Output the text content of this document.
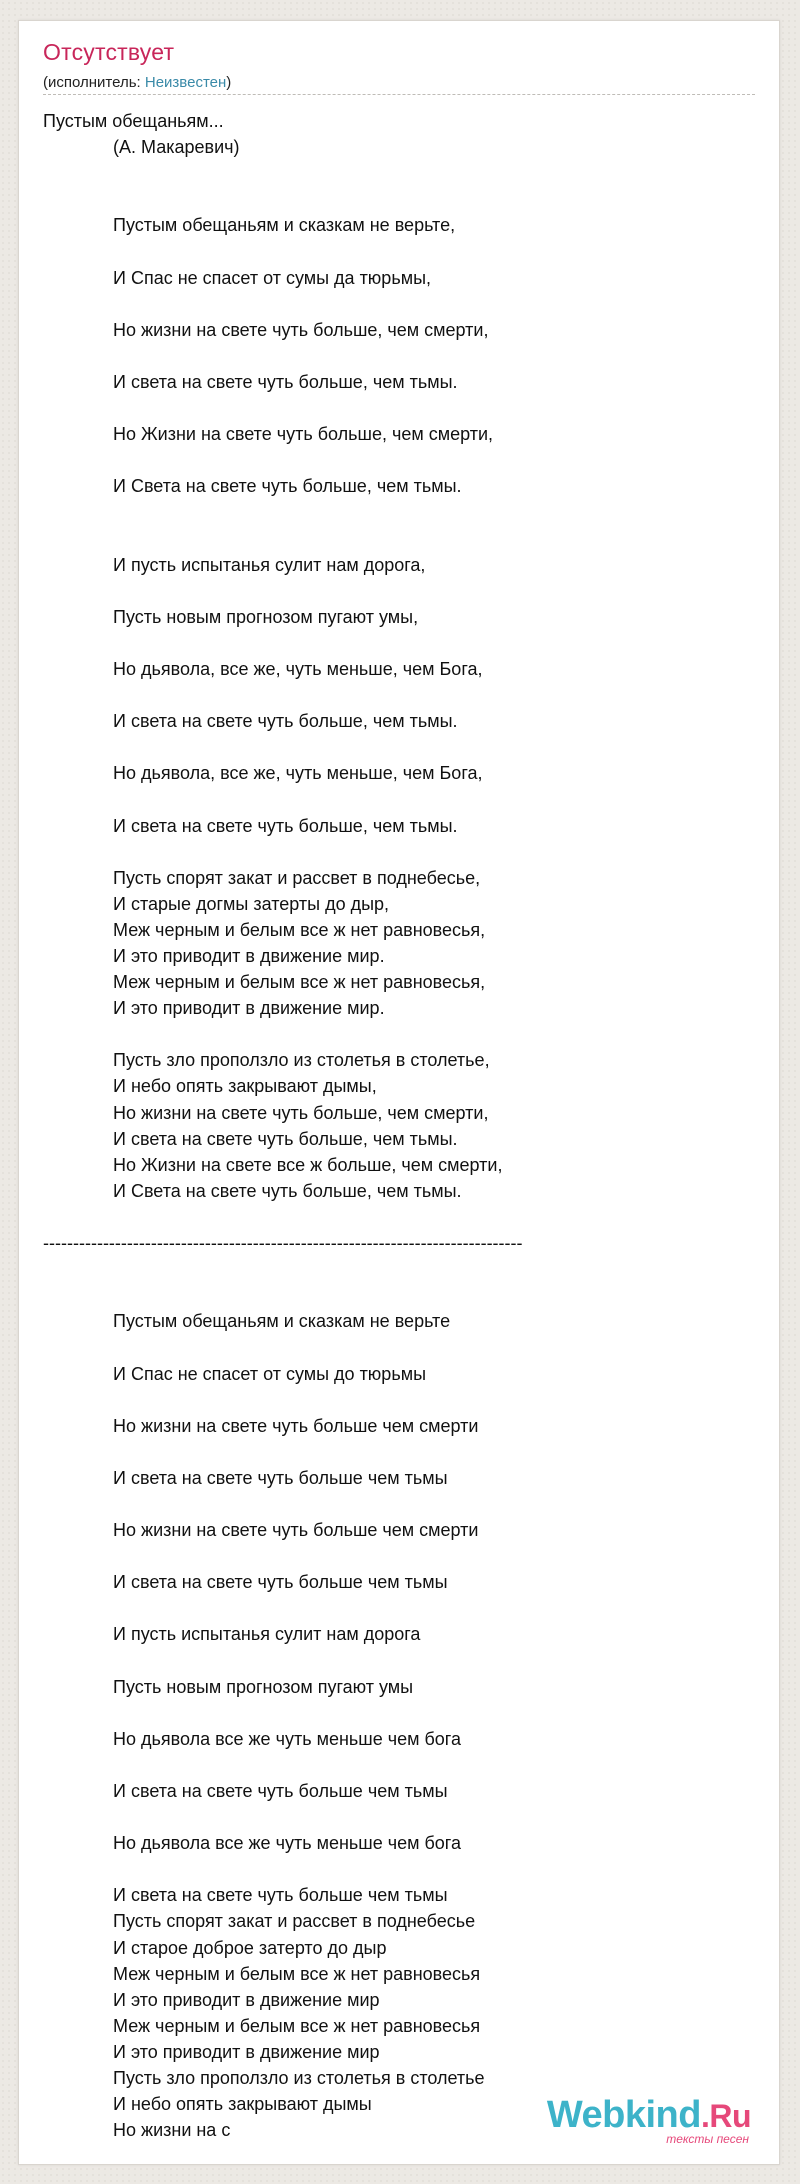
Отсутствует
(исполнитель: Неизвестен)
Пустым обещаньям...
(А. Макаревич)

Пустым обещаньям и сказкам не верьте,

И Спас не спасет от сумы да тюрьмы,

Но жизни на свете чуть больше, чем смерти,

И света на свете чуть больше, чем тьмы.

Но Жизни на свете чуть больше, чем смерти,

И Света на свете чуть больше, чем тьмы.

И пусть испытанья сулит нам дорога,

Пусть новым прогнозом пугают умы,

Но дьявола, все же, чуть меньше, чем Бога,

И света на свете чуть больше, чем тьмы.

Но дьявола, все же, чуть меньше, чем Бога,

И света на свете чуть больше, чем тьмы.

Пусть спорят закат и рассвет в поднебесье,
И старые догмы затерты до дыр,
Меж черным и белым все ж нет равновесья,
И это приводит в движение мир.
Меж черным и белым все ж нет равновесья,
И это приводит в движение мир.

Пусть зло проползло из столетья в столетье,
И небо опять закрывают дымы,
Но жизни на свете чуть больше, чем смерти,
И света на свете чуть больше, чем тьмы.
Но Жизни на свете все ж больше, чем смерти,
И Света на свете чуть больше, чем тьмы.

--------------------------------------------------------------------------------

Пустым обещаньям и сказкам не верьте

И Спас не спасет от сумы до тюрьмы

Но жизни на свете чуть больше чем смерти

И света на свете чуть больше чем тьмы

Но жизни на свете чуть больше чем смерти

И света на свете чуть больше чем тьмы

И пусть испытанья сулит нам дорога

Пусть новым прогнозом пугают умы

Но дьявола все же чуть меньше чем бога

И света на свете чуть больше чем тьмы

Но дьявола все же чуть меньше чем бога

И света на свете чуть больше чем тьмы
Пусть спорят закат и рассвет в поднебесье
И старое доброе затерто до дыр
Меж черным и белым все ж нет равновесья
И это приводит в движение мир
Меж черным и белым все ж нет равновесья
И это приводит в движение мир
Пусть зло проползло из столетья в столетье
И небо опять закрывают дымы
Но жизни на с	Webkind.Ru
тексты песен
